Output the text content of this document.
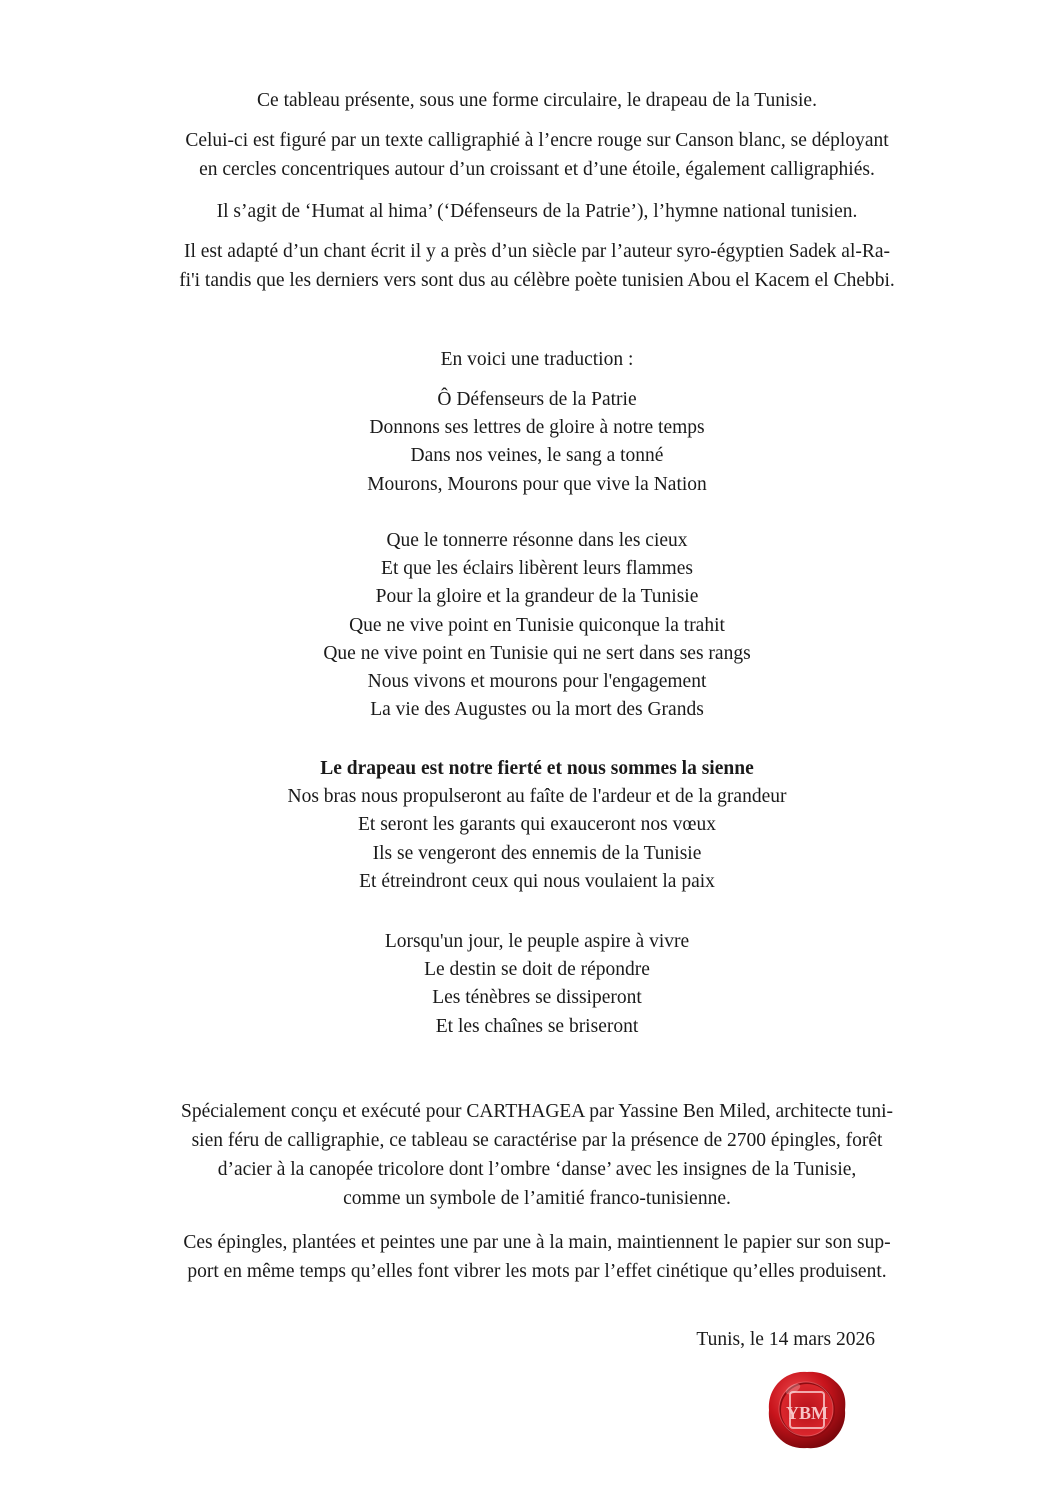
Ce tableau présente, sous une forme circulaire, le drapeau de la Tunisie.

Celui-ci est figuré par un texte calligraphié à l’encre rouge sur Canson blanc, se déployant
en cercles concentriques autour d’un croissant et d’une étoile, également calligraphiés.

Il s’agit de ‘Humat al hima’ (‘Défenseurs de la Patrie’), l’hymne national tunisien.

Il est adapté d’un chant écrit il y a près d’un siècle par l’auteur syro-égyptien Sadek al-Ra-
fi'i tandis que les derniers vers sont dus au célèbre poète tunisien Abou el Kacem el Chebbi.

En voici une traduction :

Ô Défenseurs de la Patrie
Donnons ses lettres de gloire à notre temps
Dans nos veines, le sang a tonné
Mourons, Mourons pour que vive la Nation

Que le tonnerre résonne dans les cieux
Et que les éclairs libèrent leurs flammes
Pour la gloire et la grandeur de la Tunisie
Que ne vive point en Tunisie quiconque la trahit
Que ne vive point en Tunisie qui ne sert dans ses rangs
Nous vivons et mourons pour l'engagement
La vie des Augustes ou la mort des Grands

Le drapeau est notre fierté et nous sommes la sienne
Nos bras nous propulseront au faîte de l'ardeur et de la grandeur
Et seront les garants qui exauceront nos vœux
Ils se vengeront des ennemis de la Tunisie
Et étreindront ceux qui nous voulaient la paix

Lorsqu'un jour, le peuple aspire à vivre
Le destin se doit de répondre
Les ténèbres se dissiperont
Et les chaînes se briseront

Spécialement conçu et exécuté pour CARTHAGEA par Yassine Ben Miled, architecte tuni-
sien féru de calligraphie, ce tableau se caractérise par la présence de 2700 épingles, forêt
d’acier à la canopée tricolore dont l’ombre ‘danse’ avec les insignes de la Tunisie,
comme un symbole de l’amitié franco-tunisienne.

Ces épingles, plantées et peintes une par une à la main, maintiennent le papier sur son sup-
port en même temps qu’elles font vibrer les mots par l’effet cinétique qu’elles produisent.

Tunis, le 14 mars 2026

YBM
